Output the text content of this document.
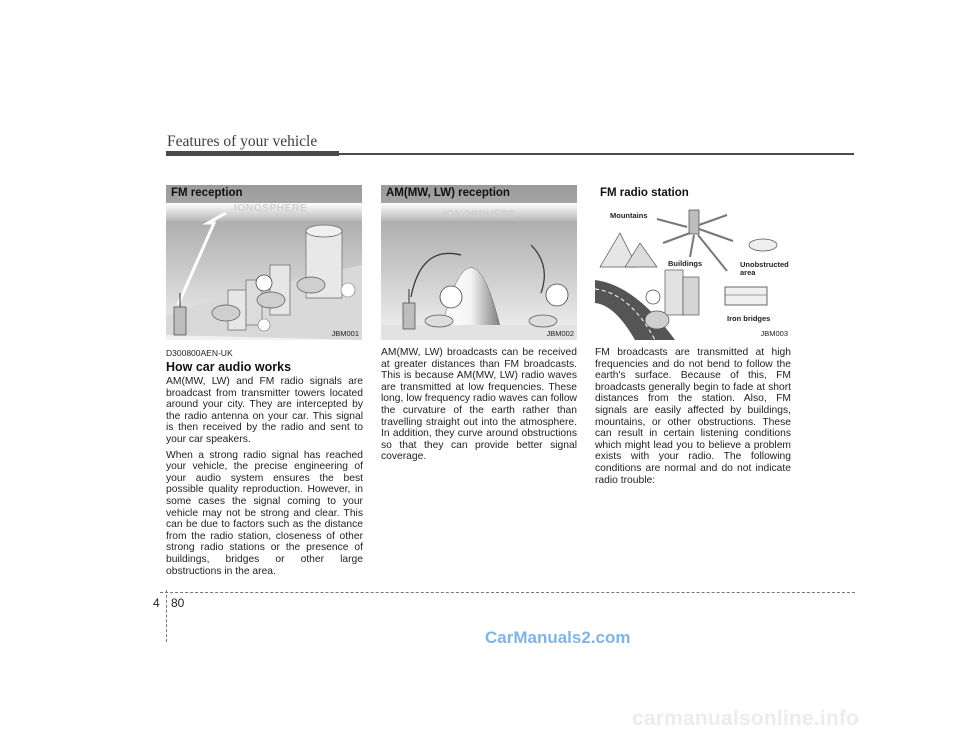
Features of your vehicle
FM reception
IONOSPHERE
JBM001
AM(MW, LW) reception
IONOSPHERE
JBM002
FM radio station
Mountains
Buildings	Unobstructed
area
Iron bridges
JBM003
D300800AEN-UK
How car audio works

AM(MW, LW) and FM radio signals are broadcast from transmitter towers located around your city. They are intercepted by the radio antenna on your car. This signal is then received by the radio and sent to your car speakers.

When a strong radio signal has reached your vehicle, the precise engineering of your audio system ensures the best possible quality reproduction. However, in some cases the signal coming to your vehicle may not be strong and clear. This can be due to factors such as the distance from the radio station, closeness of other strong radio stations or the presence of buildings, bridges or other large obstructions in the area.

AM(MW, LW) broadcasts can be received at greater distances than FM broadcasts. This is because AM(MW, LW) radio waves are transmitted at low frequencies. These long, low frequency radio waves can follow the curvature of the earth rather than travelling straight out into the atmosphere. In addition, they curve around obstructions so that they can provide better signal coverage.

FM broadcasts are transmitted at high frequencies and do not bend to follow the earth's surface. Because of this, FM broadcasts generally begin to fade at short distances from the station. Also, FM signals are easily affected by buildings, mountains, or other obstructions. These can result in certain listening conditions which might lead you to believe a problem exists with your radio. The following conditions are normal and do not indicate radio trouble:

4 80
CarManuals2.com
carmanualsonline.info
